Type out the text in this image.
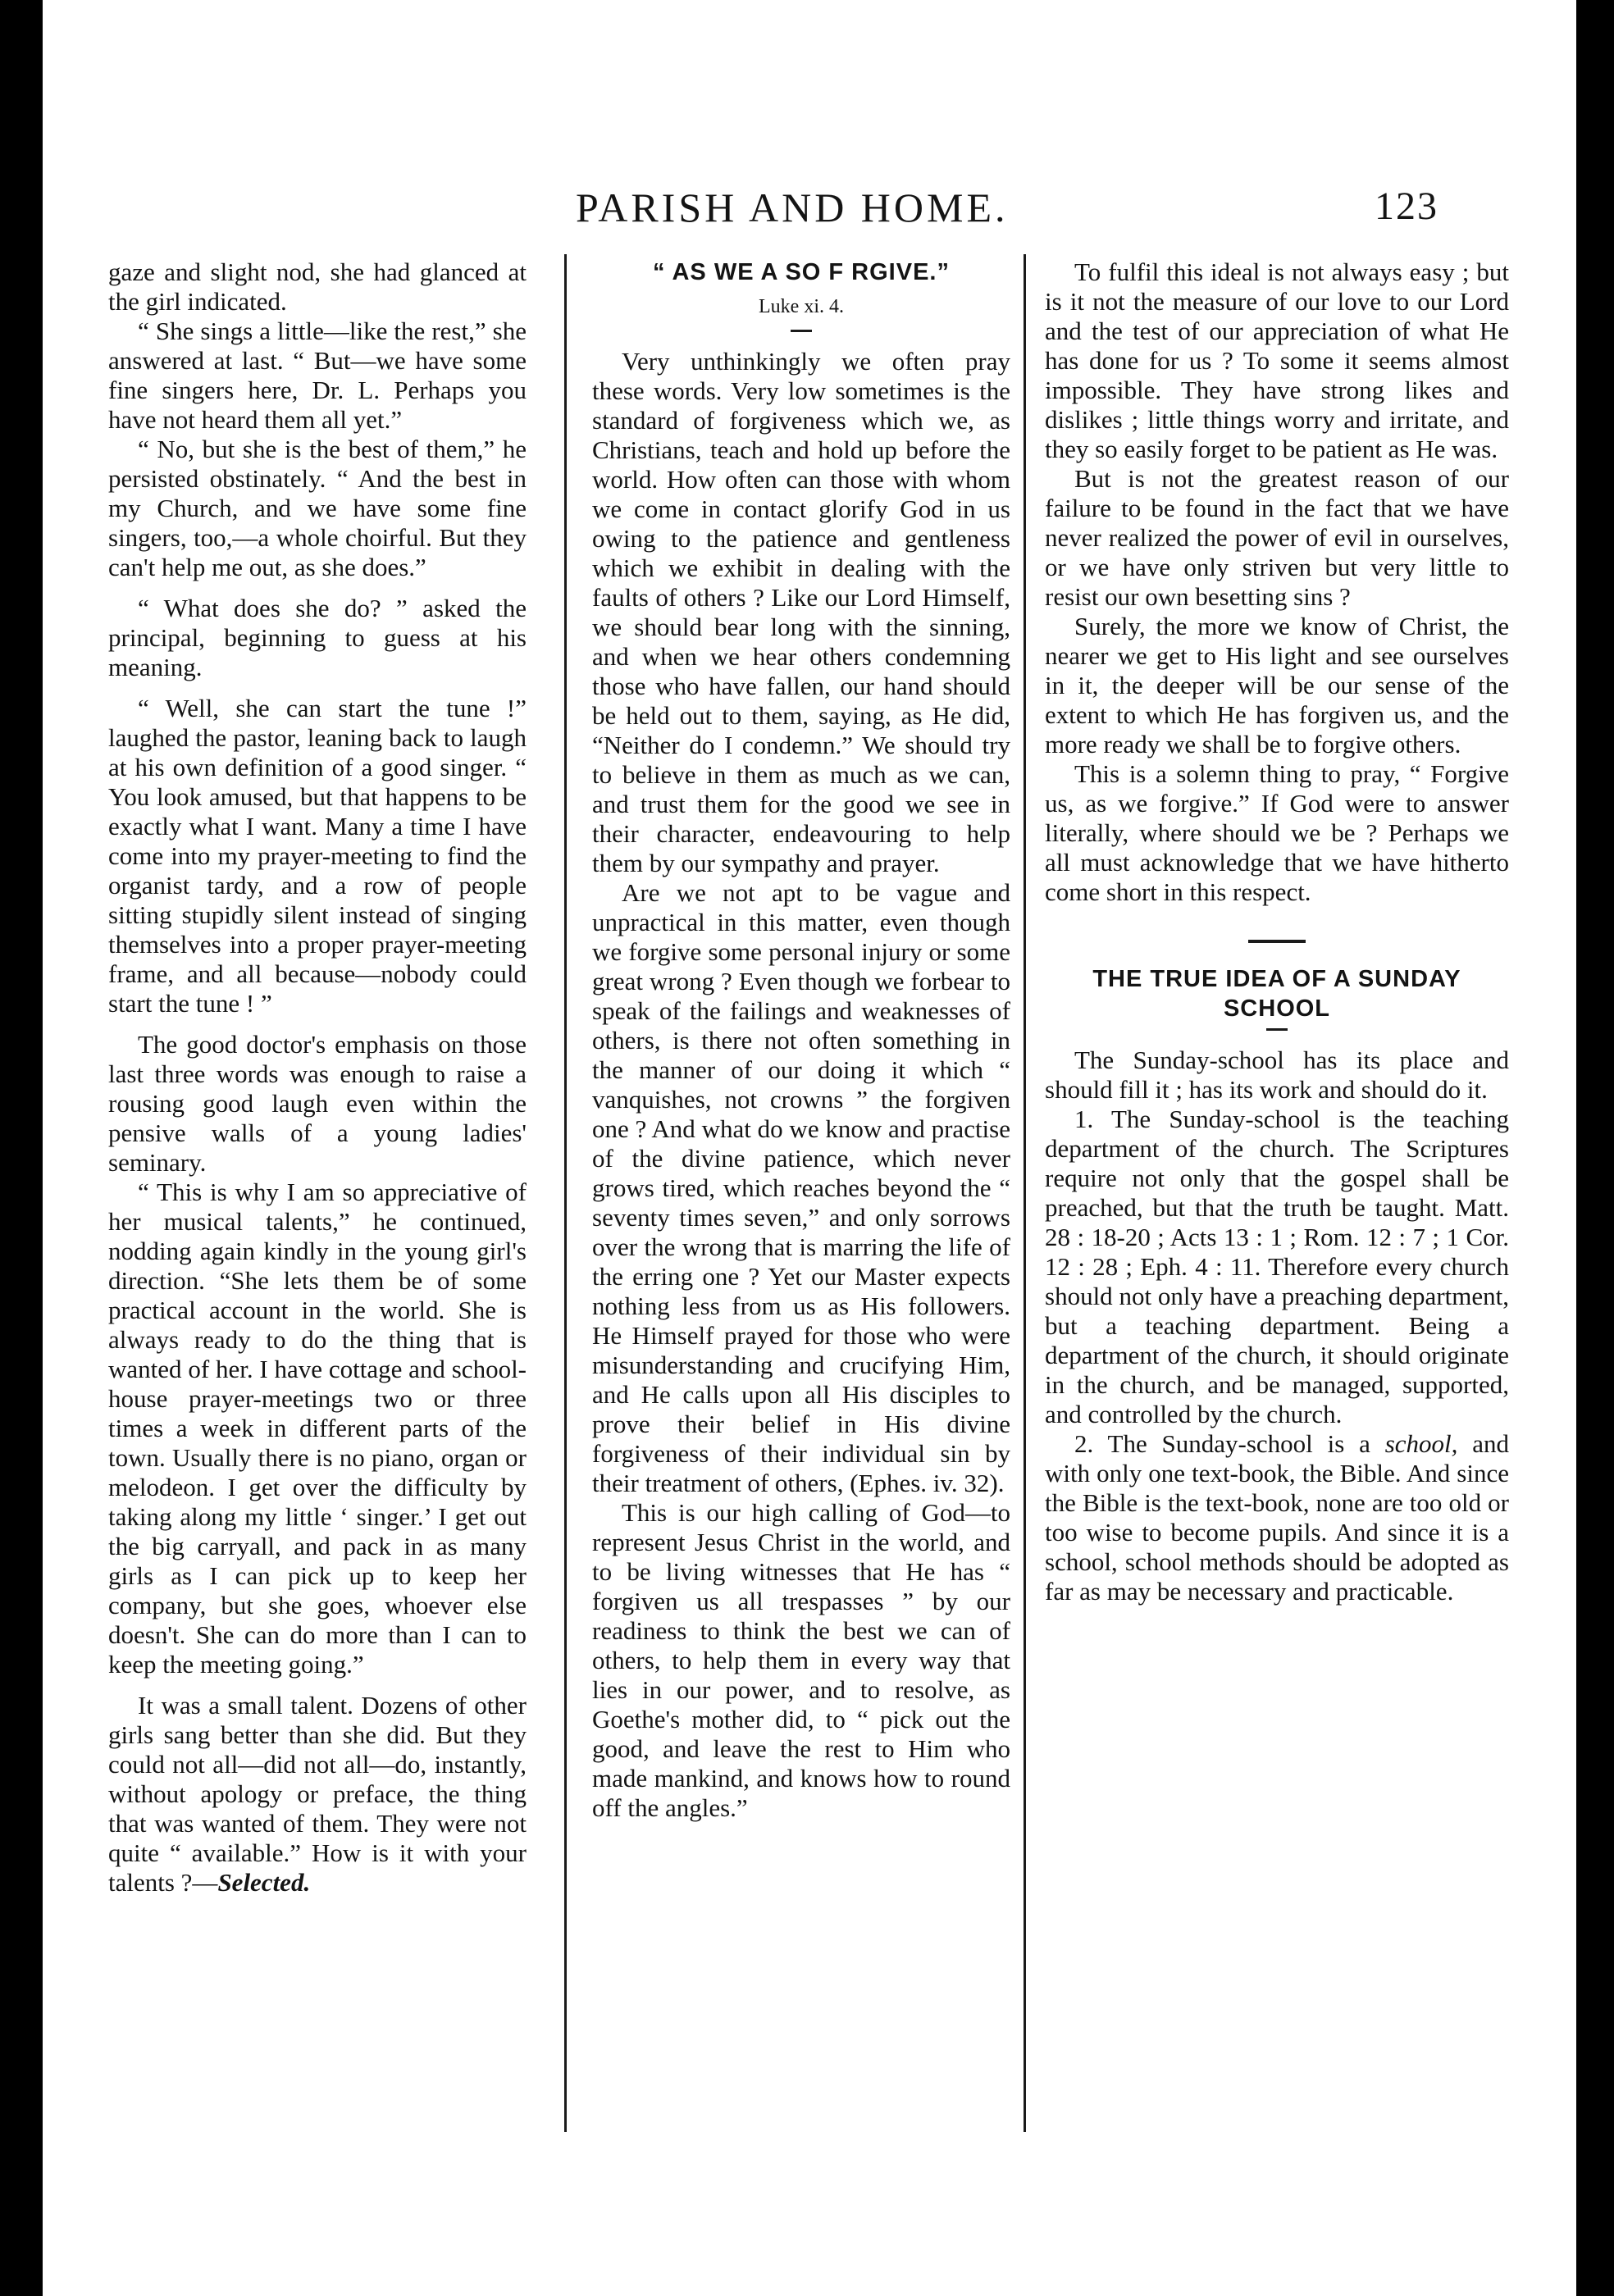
PARISH AND HOME.	123

gaze and slight nod, she had glanced at the girl indicated.

“ She sings a little—like the rest,” she answered at last. “ But—we have some fine singers here, Dr. L. Perhaps you have not heard them all yet.”

“ No, but she is the best of them,” he persisted obstinately. “ And the best in my Church, and we have some fine singers, too,—a whole choirful. But they can't help me out, as she does.”

“ What does she do? ” asked the principal, beginning to guess at his meaning.

“ Well, she can start the tune !” laughed the pastor, leaning back to laugh at his own definition of a good singer. “ You look amused, but that happens to be exactly what I want. Many a time I have come into my prayer-meeting to find the organist tardy, and a row of people sitting stupidly silent instead of singing themselves into a proper prayer-meeting frame, and all because—nobody could start the tune ! ”

The good doctor's emphasis on those last three words was enough to raise a rousing good laugh even within the pensive walls of a young ladies' seminary.

“ This is why I am so appreciative of her musical talents,” he continued, nodding again kindly in the young girl's direction. “She lets them be of some practical account in the world. She is always ready to do the thing that is wanted of her. I have cottage and school-house prayer-meetings two or three times a week in different parts of the town. Usually there is no piano, organ or melodeon. I get over the difficulty by taking along my little ‘ singer.’ I get out the big carryall, and pack in as many girls as I can pick up to keep her company, but she goes, whoever else doesn't. She can do more than I can to keep the meeting going.”

It was a small talent. Dozens of other girls sang better than she did. But they could not all—did not all—do, instantly, without apology or preface, the thing that was wanted of them. They were not quite “ available.” How is it with your talents ?—Selected.

“ AS WE A SO F RGIVE.”
Luke xi. 4.

Very unthinkingly we often pray these words. Very low sometimes is the standard of forgiveness which we, as Christians, teach and hold up before the world. How often can those with whom we come in contact glorify God in us owing to the patience and gentleness which we exhibit in dealing with the faults of others ? Like our Lord Himself, we should bear long with the sinning, and when we hear others condemning those who have fallen, our hand should be held out to them, saying, as He did, “Neither do I condemn.” We should try to believe in them as much as we can, and trust them for the good we see in their character, endeavouring to help them by our sympathy and prayer.

Are we not apt to be vague and unpractical in this matter, even though we forgive some personal injury or some great wrong ? Even though we forbear to speak of the failings and weaknesses of others, is there not often something in the manner of our doing it which “ vanquishes, not crowns ” the forgiven one ? And what do we know and practise of the divine patience, which never grows tired, which reaches beyond the “ seventy times seven,” and only sorrows over the wrong that is marring the life of the erring one ? Yet our Master expects nothing less from us as His followers. He Himself prayed for those who were misunderstanding and crucifying Him, and He calls upon all His disciples to prove their belief in His divine forgiveness of their individual sin by their treatment of others, (Ephes. iv. 32).

This is our high calling of God—to represent Jesus Christ in the world, and to be living witnesses that He has “ forgiven us all trespasses ” by our readiness to think the best we can of others, to help them in every way that lies in our power, and to resolve, as Goethe's mother did, to “ pick out the good, and leave the rest to Him who made mankind, and knows how to round off the angles.”

To fulfil this ideal is not always easy ; but is it not the measure of our love to our Lord and the test of our appreciation of what He has done for us ? To some it seems almost impossible. They have strong likes and dislikes ; little things worry and irritate, and they so easily forget to be patient as He was.

But is not the greatest reason of our failure to be found in the fact that we have never realized the power of evil in ourselves, or we have only striven but very little to resist our own besetting sins ?

Surely, the more we know of Christ, the nearer we get to His light and see ourselves in it, the deeper will be our sense of the extent to which He has forgiven us, and the more ready we shall be to forgive others.

This is a solemn thing to pray, “ Forgive us, as we forgive.” If God were to answer literally, where should we be ? Perhaps we all must acknowledge that we have hitherto come short in this respect.

THE TRUE IDEA OF A SUNDAY SCHOOL

The Sunday-school has its place and should fill it ; has its work and should do it.

1. The Sunday-school is the teaching department of the church. The Scriptures require not only that the gospel shall be preached, but that the truth be taught. Matt. 28 : 18-20 ; Acts 13 : 1 ; Rom. 12 : 7 ; 1 Cor. 12 : 28 ; Eph. 4 : 11. Therefore every church should not only have a preaching department, but a teaching department. Being a department of the church, it should originate in the church, and be managed, supported, and controlled by the church.

2. The Sunday-school is a school, and with only one text-book, the Bible. And since the Bible is the text-book, none are too old or too wise to become pupils. And since it is a school, school methods should be adopted as far as may be necessary and practicable.
